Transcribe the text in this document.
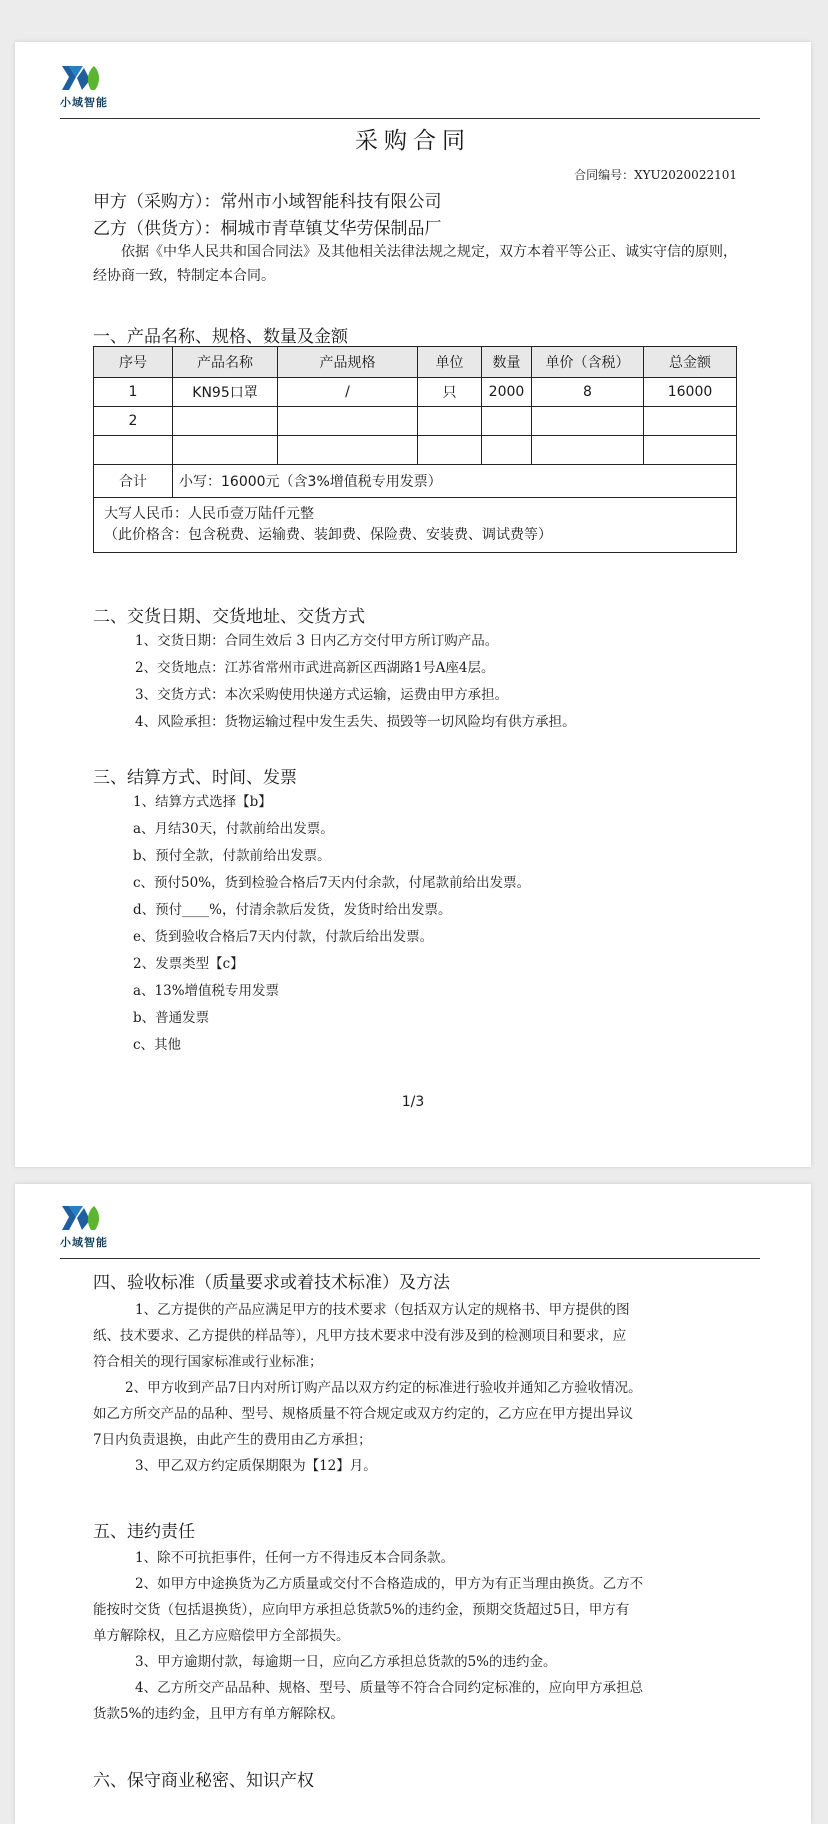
小域智能
采购合同
合同编号：XYU2020022101
甲方（采购方）：常州市小域智能科技有限公司
乙方（供货方）：桐城市青草镇艾华劳保制品厂
依据《中华人民共和国合同法》及其他相关法律法规之规定，双方本着平等公正、诚实守信的原则，经协商一致，特制定本合同。
一、产品名称、规格、数量及金额
序号	产品名称	产品规格	单位	数量	单价（含税）	总金额
1	KN95口罩	/	只	2000	8	16000
2						

合计	小写：16000元（含3%增值税专用发票）					

大写人民币：人民币壹万陆仟元整
（此价格含：包含税费、运输费、装卸费、保险费、安装费、调试费等）						
二、交货日期、交货地址、交货方式
1、交货日期：合同生效后 3 日内乙方交付甲方所订购产品。
2、交货地点：江苏省常州市武进高新区西湖路1号A座4层。
3、交货方式：本次采购使用快递方式运输，运费由甲方承担。
4、风险承担：货物运输过程中发生丢失、损毁等一切风险均有供方承担。
三、结算方式、时间、发票
1、结算方式选择【b】
a、月结30天，付款前给出发票。
b、预付全款，付款前给出发票。
c、预付50%，货到检验合格后7天内付余款，付尾款前给出发票。
d、预付____%，付清余款后发货，发货时给出发票。
e、货到验收合格后7天内付款，付款后给出发票。
2、发票类型【c】
a、13%增值税专用发票
b、普通发票
c、其他
1/3
小域智能
四、验收标准（质量要求或着技术标准）及方法
1、乙方提供的产品应满足甲方的技术要求（包括双方认定的规格书、甲方提供的图
纸、技术要求、乙方提供的样品等），凡甲方技术要求中没有涉及到的检测项目和要求，应
符合相关的现行国家标准或行业标准；
2、甲方收到产品7日内对所订购产品以双方约定的标准进行验收并通知乙方验收情况。
如乙方所交产品的品种、型号、规格质量不符合规定或双方约定的，乙方应在甲方提出异议
7日内负责退换，由此产生的费用由乙方承担；
3、甲乙双方约定质保期限为【12】月。
五、违约责任
1、除不可抗拒事件，任何一方不得违反本合同条款。
2、如甲方中途换货为乙方质量或交付不合格造成的，甲方为有正当理由换货。乙方不
能按时交货（包括退换货），应向甲方承担总货款5%的违约金，预期交货超过5日，甲方有
单方解除权，且乙方应赔偿甲方全部损失。
3、甲方逾期付款，每逾期一日，应向乙方承担总货款的5%的违约金。
4、乙方所交产品品种、规格、型号、质量等不符合合同约定标准的，应向甲方承担总
货款5%的违约金，且甲方有单方解除权。
六、保守商业秘密、知识产权
